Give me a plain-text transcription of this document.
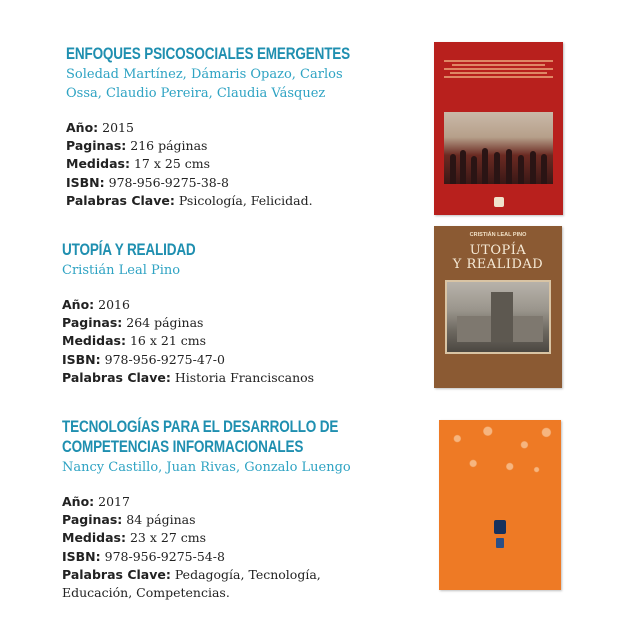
ENFOQUES PSICOSOCIALES EMERGENTES
Soledad Martínez, Dámaris Opazo, Carlos
Ossa, Claudio Pereira, Claudia Vásquez
Año: 2015
Paginas: 216 páginas
Medidas: 17 x 25 cms
ISBN: 978-956-9275-38-8
Palabras Clave: Psicología, Felicidad.
UTOPÍA Y REALIDAD
Cristián Leal Pino
Año: 2016
Paginas: 264 páginas
Medidas: 16 x 21 cms
ISBN: 978-956-9275-47-0
Palabras Clave: Historia Franciscanos
CRISTIÁN LEAL PINO
UTOPÍA
Y REALIDAD
TECNOLOGÍAS PARA EL DESARROLLO DE
COMPETENCIAS INFORMACIONALES
Nancy Castillo, Juan Rivas, Gonzalo Luengo
Año: 2017
Paginas: 84 páginas
Medidas: 23 x 27 cms
ISBN: 978-956-9275-54-8
Palabras Clave: Pedagogía, Tecnología,
Educación, Competencias.
